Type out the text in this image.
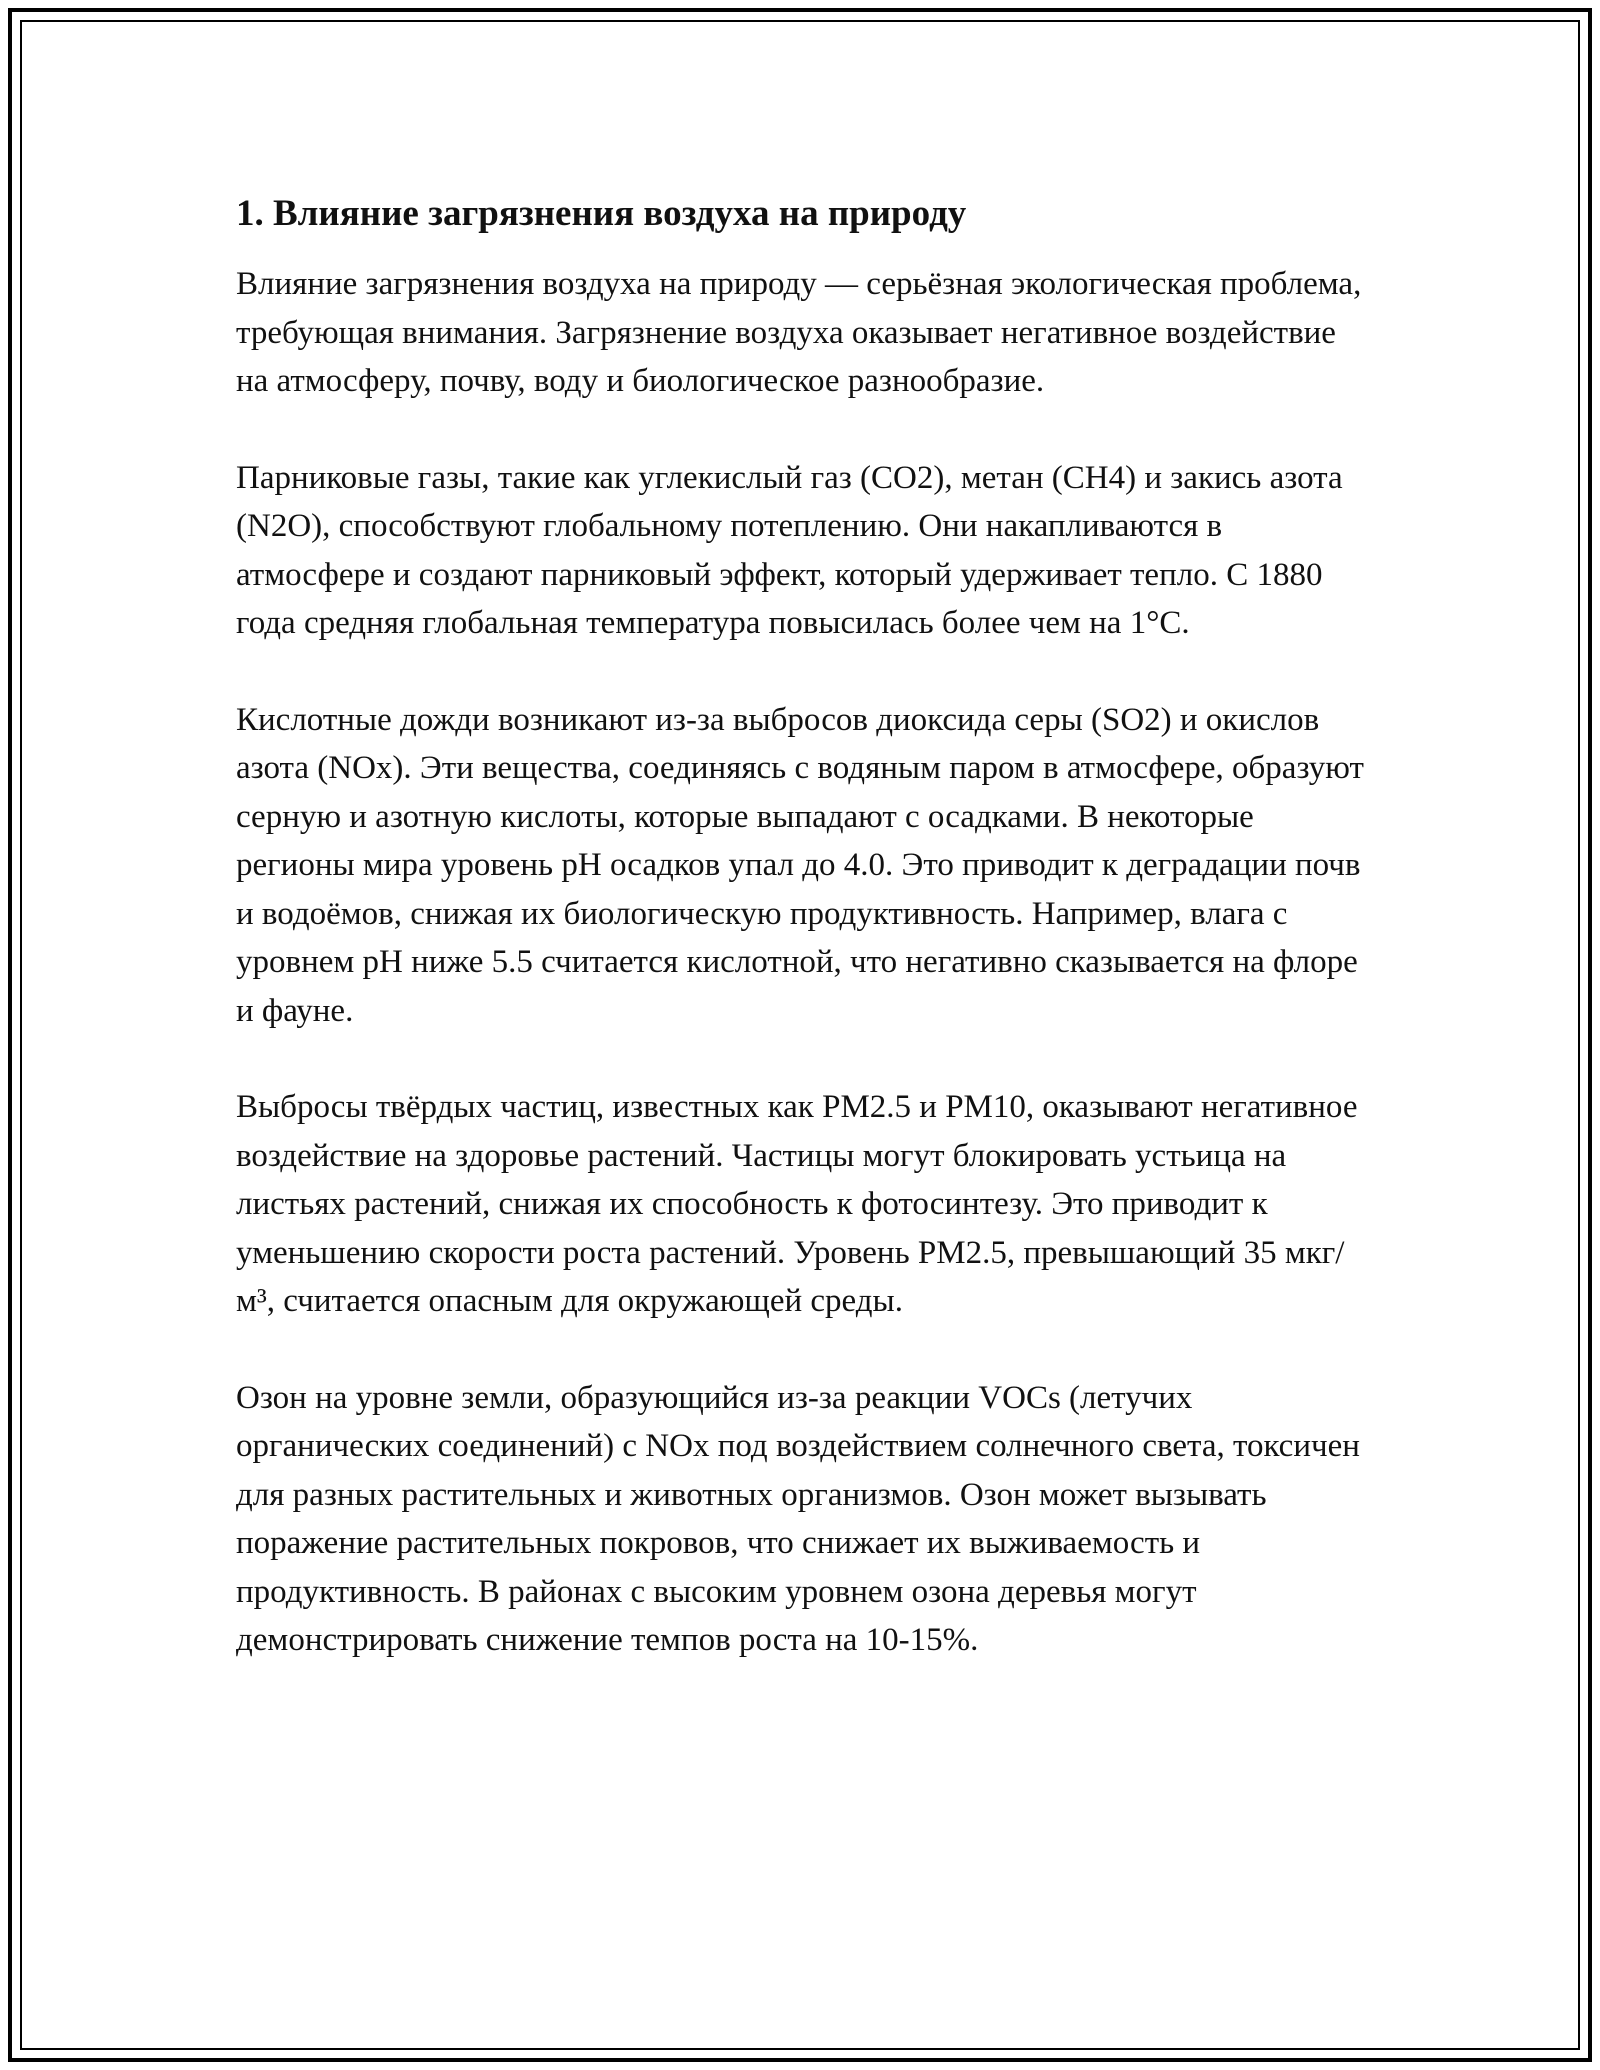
1. Влияние загрязнения воздуха на природу

Влияние загрязнения воздуха на природу — серьёзная экологическая проблема, требующая внимания. Загрязнение воздуха оказывает негативное воздействие на атмосферу, почву, воду и биологическое разнообразие.

Парниковые газы, такие как углекислый газ (CO2), метан (CH4) и закись азота (N2O), способствуют глобальному потеплению. Они накапливаются в атмосфере и создают парниковый эффект, который удерживает тепло. С 1880 года средняя глобальная температура повысилась более чем на 1°C.

Кислотные дожди возникают из-за выбросов диоксида серы (SO2) и окислов азота (NOx). Эти вещества, соединяясь с водяным паром в атмосфере, образуют серную и азотную кислоты, которые выпадают с осадками. В некоторые регионы мира уровень pH осадков упал до 4.0. Это приводит к деградации почв и водоёмов, снижая их биологическую продуктивность. Например, влага с уровнем pH ниже 5.5 считается кислотной, что негативно сказывается на флоре и фауне.

Выбросы твёрдых частиц, известных как PM2.5 и PM10, оказывают негативное воздействие на здоровье растений. Частицы могут блокировать устьица на листьях растений, снижая их способность к фотосинтезу. Это приводит к уменьшению скорости роста растений. Уровень PM2.5, превышающий 35 мкг/м³, считается опасным для окружающей среды.

Озон на уровне земли, образующийся из-за реакции VOCs (летучих органических соединений) с NOx под воздействием солнечного света, токсичен для разных растительных и животных организмов. Озон может вызывать поражение растительных покровов, что снижает их выживаемость и продуктивность. В районах с высоким уровнем озона деревья могут демонстрировать снижение темпов роста на 10-15%.
